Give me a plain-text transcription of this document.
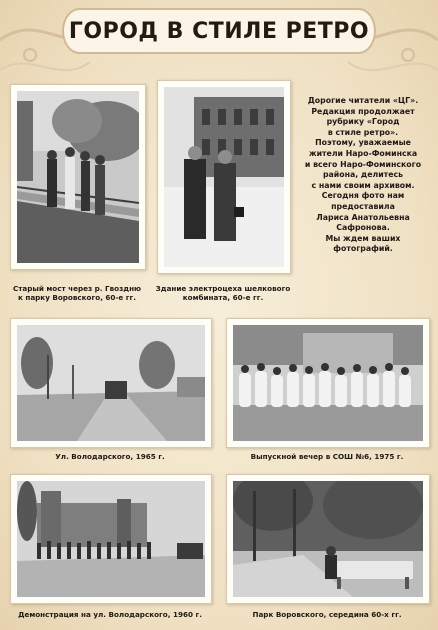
ГОРОД В СТИЛЕ РЕТРО
Старый мост через р. Гвоздню
к парку Воровского, 60-е гг.
Здание электроцеха шелкового
комбината, 60-е гг.
Дорогие читатели «ЦГ».
Редакция продолжает
рубрику «Город
в стиле ретро».
Поэтому, уважаемые
жители Наро-Фоминска
и всего Наро-Фоминского
района, делитесь
с нами своим архивом.
Сегодня фото нам
предоставила
Лариса Анатольевна
Сафронова.
Мы ждем ваших
фотографий.
Ул. Володарского, 1965 г.	Выпускной вечер в СОШ №6, 1975 г.
Демонстрация на ул. Володарского, 1960 г.	Парк Воровского, середина 60-х гг.
